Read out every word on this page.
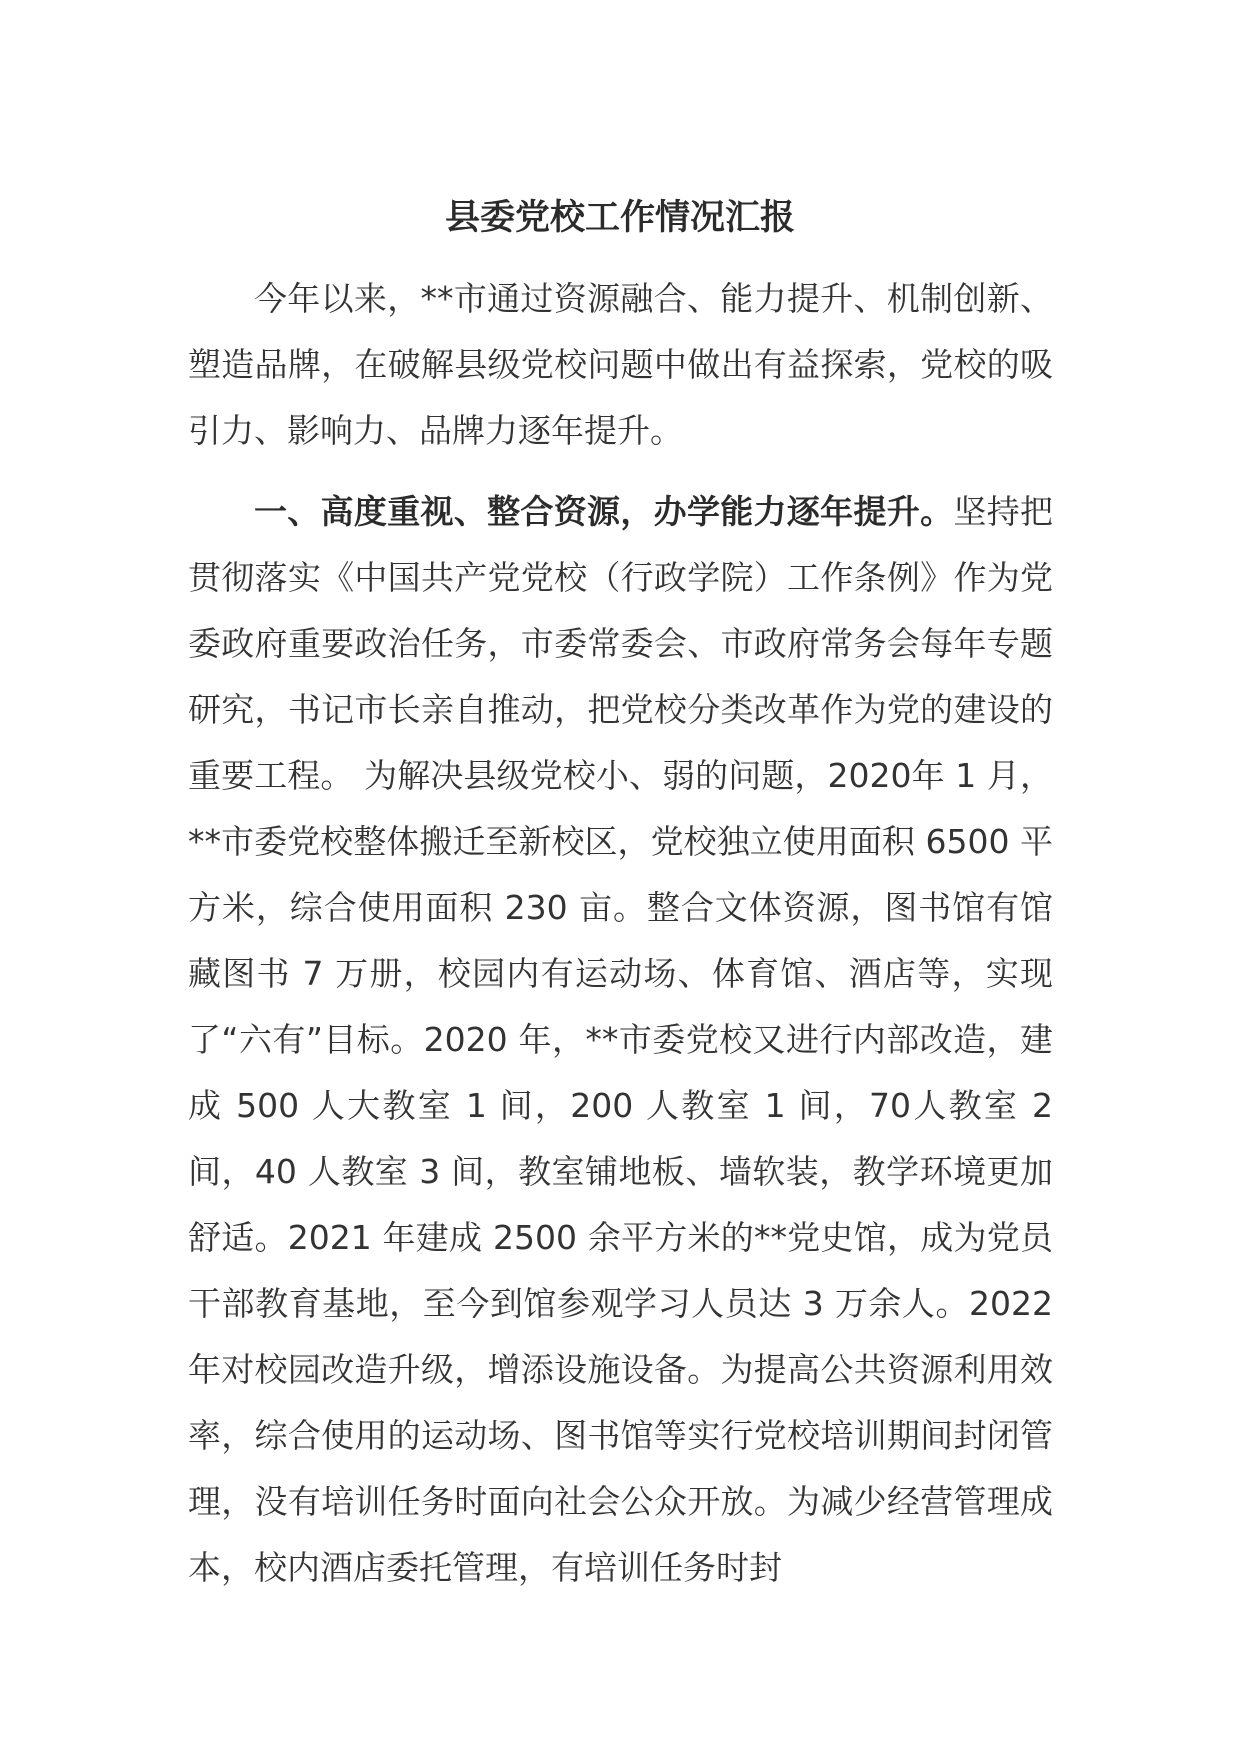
县委党校工作情况汇报

今年以来，**市通过资源融合、能力提升、机制创新、塑造品牌，在破解县级党校问题中做出有益探索，党校的吸引力、影响力、品牌力逐年提升。

一、高度重视、整合资源，办学能力逐年提升。坚持把贯彻落实《中国共产党党校（行政学院）工作条例》作为党委政府重要政治任务，市委常委会、市政府常务会每年专题研究，书记市长亲自推动，把党校分类改革作为党的建设的重要工程。 为解决县级党校小、弱的问题，2020年 1 月，**市委党校整体搬迁至新校区，党校独立使用面积 6500 平方米，综合使用面积 230 亩。整合文体资源，图书馆有馆藏图书 7 万册，校园内有运动场、体育馆、酒店等，实现了“六有”目标。2020 年，**市委党校又进行内部改造，建成 500 人大教室 1 间，200 人教室 1 间，70人教室 2 间，40 人教室 3 间，教室铺地板、墙软装，教学环境更加舒适。2021 年建成 2500 余平方米的**党史馆，成为党员干部教育基地，至今到馆参观学习人员达 3 万余人。2022 年对校园改造升级，增添设施设备。为提高公共资源利用效率，综合使用的运动场、图书馆等实行党校培训期间封闭管理，没有培训任务时面向社会公众开放。为减少经营管理成本，校内酒店委托管理，有培训任务时封
